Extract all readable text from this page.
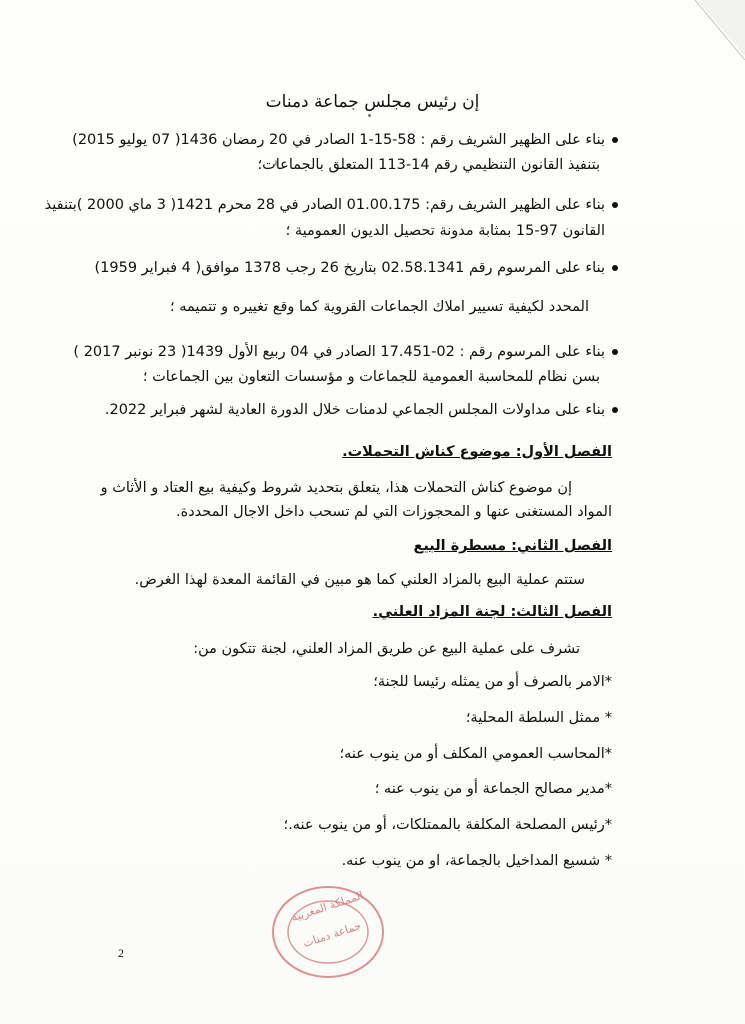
إن رئيس مجلس جماعة دمنات
بناء على الظهير الشريف رقم : 58-15-1 الصادر في 20 رمضان 1436( 07 يوليو 2015)
بتنفيذ القانون التنظيمي رقم 14-113 المتعلق بالجماعات؛
بناء على الظهير الشريف رقم: 01.00.175 الصادر في 28 محرم 1421( 3 ماي 2000 )بتنفيذ
القانون 97-15 بمثابة مدونة تحصيل الديون العمومية ؛
بناء على المرسوم رقم 02.58.1341 بتاريخ 26 رجب 1378 موافق( 4 فبراير 1959)
المحدد لكيفية تسيير املاك الجماعات القروية كما وقع تغييره و تتميمه ؛
بناء على المرسوم رقم : 02-17.451 الصادر في 04 ربيع الأول 1439( 23 نونبر 2017 )
بسن نظام للمحاسبة العمومية للجماعات و مؤسسات التعاون بين الجماعات ؛
بناء على مداولات المجلس الجماعي لدمنات خلال الدورة العادية لشهر فبراير 2022.
الفصل الأول: موضوع كناش التحملات.
إن موضوع كناش التحملات هذا، يتعلق بتحديد شروط وكيفية بيع العتاد و الأثاث و
المواد المستغنى عنها و المحجوزات التي لم تسحب داخل الاجال المحددة.
الفصل الثاني: مسطرة البيع
ستتم عملية البيع بالمزاد العلني كما هو مبين في القائمة المعدة لهذا الغرض.
الفصل الثالث: لجنة المزاد العلني.
تشرف على عملية البيع عن طريق المزاد العلني، لجنة تتكون من:
*الامر بالصرف أو من يمثله رئيسا للجنة؛
* ممثل السلطة المحلية؛
*المحاسب العمومي المكلف أو من ينوب عنه؛
*مدير مصالح الجماعة أو من ينوب عنه ؛
*رئيس المصلحة المكلفة بالممتلكات، أو من ينوب عنه.؛
* شسيع المداخيل بالجماعة، او من ينوب عنه.
المملكة المغربية
جماعة دمنات
2
